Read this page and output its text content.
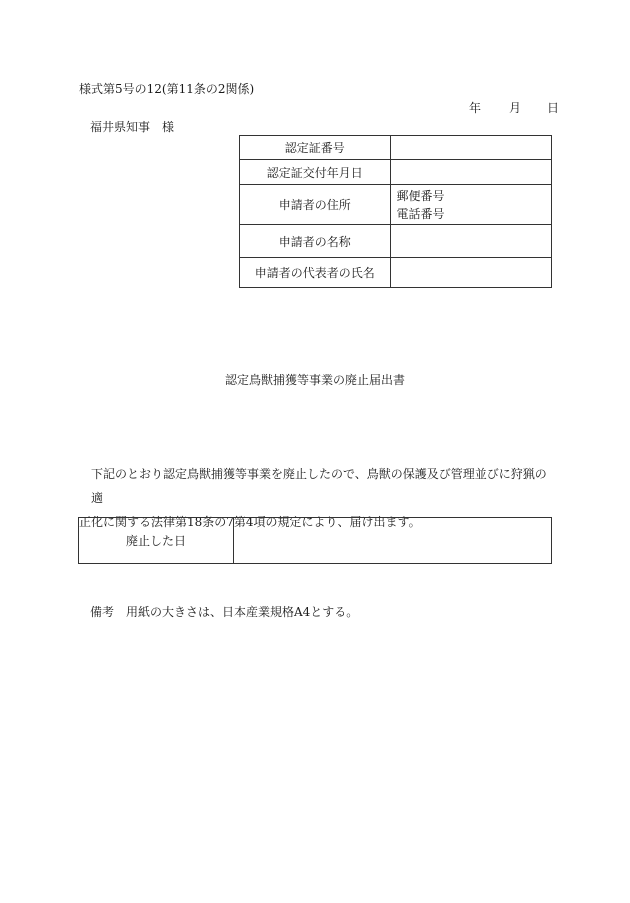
様式第5号の12(第11条の2関係)
年 月 日
福井県知事　様
認定証番号	
認定証交付年月日	
申請者の住所	郵便番号
電話番号

申請者の名称	
申請者の代表者の氏名	
認定鳥獣捕獲等事業の廃止届出書
下記のとおり認定鳥獣捕獲等事業を廃止したので、鳥獣の保護及び管理並びに狩猟の適
正化に関する法律第18条の7第4項の規定により、届け出ます。
廃止した日	
備考　用紙の大きさは、日本産業規格A4とする。
